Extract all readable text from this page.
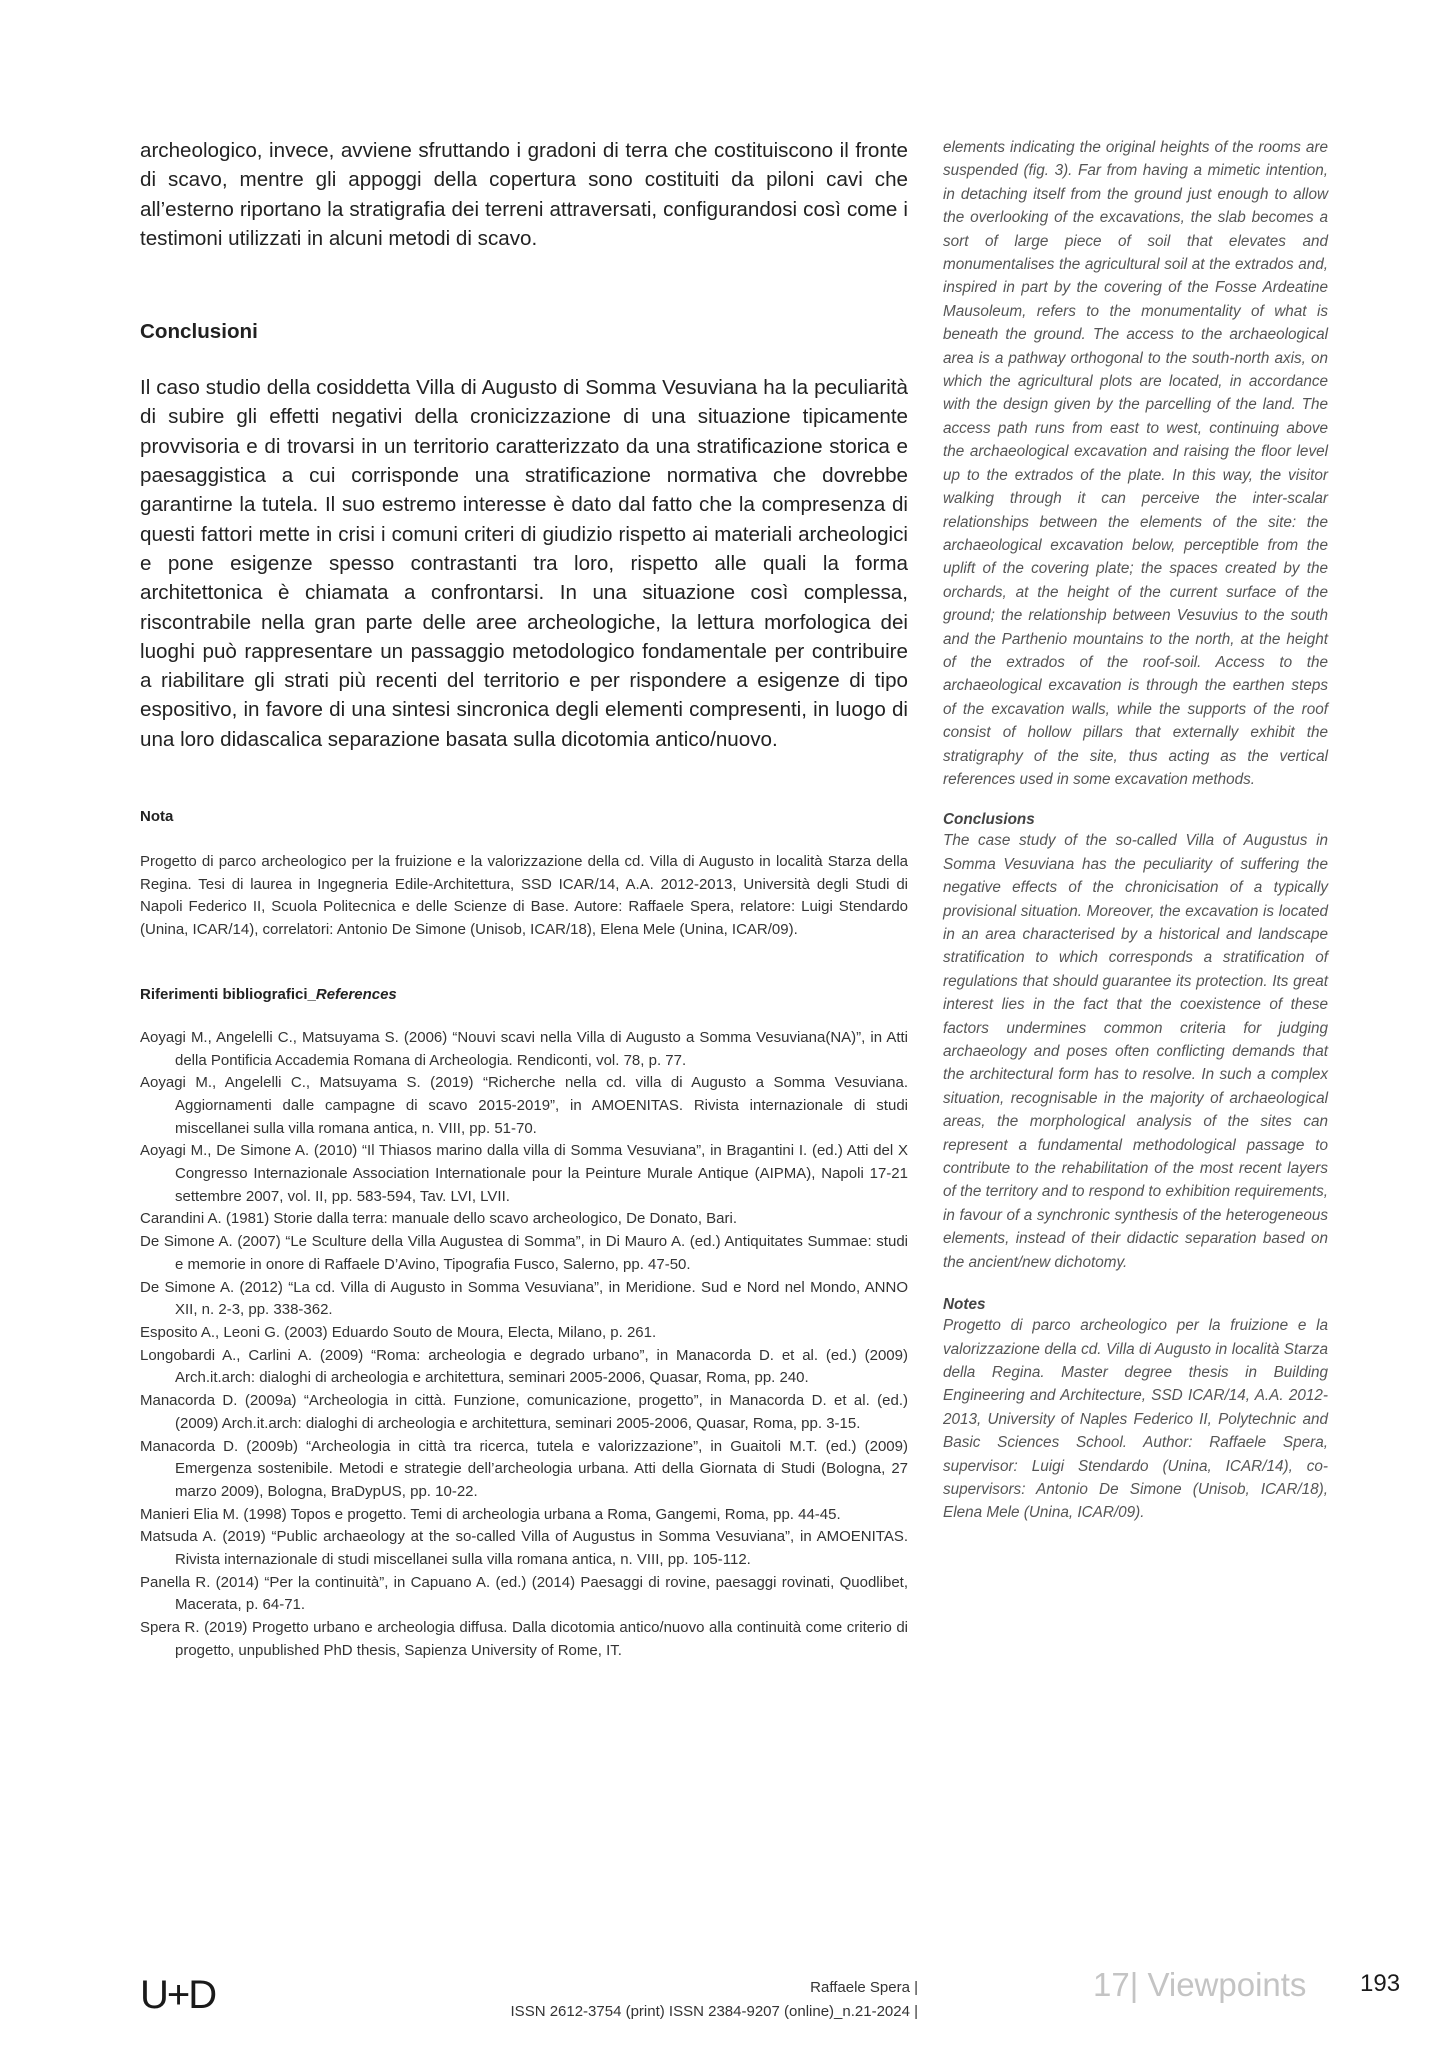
archeologico, invece, avviene sfruttando i gradoni di terra che costituiscono il fronte di scavo, mentre gli appoggi della copertura sono costituiti da piloni cavi che all’esterno riportano la stratigrafia dei terreni attraversati, configurandosi così come i testimoni utilizzati in alcuni metodi di scavo.

Conclusioni

Il caso studio della cosiddetta Villa di Augusto di Somma Vesuviana ha la peculiarità di subire gli effetti negativi della cronicizzazione di una situazione tipicamente provvisoria e di trovarsi in un territorio caratterizzato da una stratificazione storica e paesaggistica a cui corrisponde una stratificazione normativa che dovrebbe garantirne la tutela. Il suo estremo interesse è dato dal fatto che la compresenza di questi fattori mette in crisi i comuni criteri di giudizio rispetto ai materiali archeologici e pone esigenze spesso contrastanti tra loro, rispetto alle quali la forma architettonica è chiamata a confrontarsi. In una situazione così complessa, riscontrabile nella gran parte delle aree archeologiche, la lettura morfologica dei luoghi può rappresentare un passaggio metodologico fondamentale per contribuire a riabilitare gli strati più recenti del territorio e per rispondere a esigenze di tipo espositivo, in favore di una sintesi sincronica degli elementi compresenti, in luogo di una loro didascalica separazione basata sulla dicotomia antico/nuovo.

Nota

Progetto di parco archeologico per la fruizione e la valorizzazione della cd. Villa di Augusto in località Starza della Regina. Tesi di laurea in Ingegneria Edile-Architettura, SSD ICAR/14, A.A. 2012-2013, Università degli Studi di Napoli Federico II, Scuola Politecnica e delle Scienze di Base. Autore: Raffaele Spera, relatore: Luigi Stendardo (Unina, ICAR/14), correlatori: Antonio De Simone (Unisob, ICAR/18), Elena Mele (Unina, ICAR/09).

Riferimenti bibliografici_References
Aoyagi M., Angelelli C., Matsuyama S. (2006) “Nouvi scavi nella Villa di Augusto a Somma Vesuviana(NA)”, in Atti della Pontificia Accademia Romana di Archeologia. Rendiconti, vol. 78, p. 77.
Aoyagi M., Angelelli C., Matsuyama S. (2019) “Richerche nella cd. villa di Augusto a Somma Vesuviana. Aggiornamenti dalle campagne di scavo 2015-2019”, in AMOENITAS. Rivista internazionale di studi miscellanei sulla villa romana antica, n. VIII, pp. 51-70.
Aoyagi M., De Simone A. (2010) “Il Thiasos marino dalla villa di Somma Vesuviana”, in Bragantini I. (ed.) Atti del X Congresso Internazionale Association Internationale pour la Peinture Murale Antique (AIPMA), Napoli 17-21 settembre 2007, vol. II, pp. 583-594, Tav. LVI, LVII.
Carandini A. (1981) Storie dalla terra: manuale dello scavo archeologico, De Donato, Bari.
De Simone A. (2007) “Le Sculture della Villa Augustea di Somma”, in Di Mauro A. (ed.) Antiquitates Summae: studi e memorie in onore di Raffaele D’Avino, Tipografia Fusco, Salerno, pp. 47-50.
De Simone A. (2012) “La cd. Villa di Augusto in Somma Vesuviana”, in Meridione. Sud e Nord nel Mondo, ANNO XII, n. 2-3, pp. 338-362.
Esposito A., Leoni G. (2003) Eduardo Souto de Moura, Electa, Milano, p. 261.
Longobardi A., Carlini A. (2009) “Roma: archeologia e degrado urbano”, in Manacorda D. et al. (ed.) (2009) Arch.it.arch: dialoghi di archeologia e architettura, seminari 2005-2006, Quasar, Roma, pp. 240.
Manacorda D. (2009a) “Archeologia in città. Funzione, comunicazione, progetto”, in Manacorda D. et al. (ed.) (2009) Arch.it.arch: dialoghi di archeologia e architettura, seminari 2005-2006, Quasar, Roma, pp. 3-15.
Manacorda D. (2009b) “Archeologia in città tra ricerca, tutela e valorizzazione”, in Guaitoli M.T. (ed.) (2009) Emergenza sostenibile. Metodi e strategie dell’archeologia urbana. Atti della Giornata di Studi (Bologna, 27 marzo 2009), Bologna, BraDypUS, pp. 10-22.
Manieri Elia M. (1998) Topos e progetto. Temi di archeologia urbana a Roma, Gangemi, Roma, pp. 44-45.
Matsuda A. (2019) “Public archaeology at the so-called Villa of Augustus in Somma Vesuviana”, in AMOENITAS. Rivista internazionale di studi miscellanei sulla villa romana antica, n. VIII, pp. 105-112.
Panella R. (2014) “Per la continuità”, in Capuano A. (ed.) (2014) Paesaggi di rovine, paesaggi rovinati, Quodlibet, Macerata, p. 64-71.
Spera R. (2019) Progetto urbano e archeologia diffusa. Dalla dicotomia antico/nuovo alla continuità come criterio di progetto, unpublished PhD thesis, Sapienza University of Rome, IT.

elements indicating the original heights of the rooms are suspended (fig. 3). Far from having a mimetic intention, in detaching itself from the ground just enough to allow the overlooking of the excavations, the slab becomes a sort of large piece of soil that elevates and monumentalises the agricultural soil at the extrados and, inspired in part by the covering of the Fosse Ardeatine Mausoleum, refers to the monumentality of what is beneath the ground. The access to the archaeological area is a pathway orthogonal to the south-north axis, on which the agricultural plots are located, in accordance with the design given by the parcelling of the land. The access path runs from east to west, continuing above the archaeological excavation and raising the floor level up to the extrados of the plate. In this way, the visitor walking through it can perceive the inter-scalar relationships between the elements of the site: the archaeological excavation below, perceptible from the uplift of the covering plate; the spaces created by the orchards, at the height of the current surface of the ground; the relationship between Vesuvius to the south and the Parthenio mountains to the north, at the height of the extrados of the roof-soil. Access to the archaeological excavation is through the earthen steps of the excavation walls, while the supports of the roof consist of hollow pillars that externally exhibit the stratigraphy of the site, thus acting as the vertical references used in some excavation methods.

Conclusions

The case study of the so-called Villa of Augustus in Somma Vesuviana has the peculiarity of suffering the negative effects of the chronicisation of a typically provisional situation. Moreover, the excavation is located in an area characterised by a historical and landscape stratification to which corresponds a stratification of regulations that should guarantee its protection. Its great interest lies in the fact that the coexistence of these factors undermines common criteria for judging archaeology and poses often conflicting demands that the architectural form has to resolve. In such a complex situation, recognisable in the majority of archaeological areas, the morphological analysis of the sites can represent a fundamental methodological passage to contribute to the rehabilitation of the most recent layers of the territory and to respond to exhibition requirements, in favour of a synchronic synthesis of the heterogeneous elements, instead of their didactic separation based on the ancient/new dichotomy.

Notes

Progetto di parco archeologico per la fruizione e la valorizzazione della cd. Villa di Augusto in località Starza della Regina. Master degree thesis in Building Engineering and Architecture, SSD ICAR/14, A.A. 2012-2013, University of Naples Federico II, Polytechnic and Basic Sciences School. Author: Raffaele Spera, supervisor: Luigi Stendardo (Unina, ICAR/14), co-supervisors: Antonio De Simone (Unisob, ICAR/18), Elena Mele (Unina, ICAR/09).

U+D	Raffaele Spera |
ISSN 2612-3754 (print) ISSN 2384-9207 (online)_n.21-2024 |
17| Viewpoints 193
